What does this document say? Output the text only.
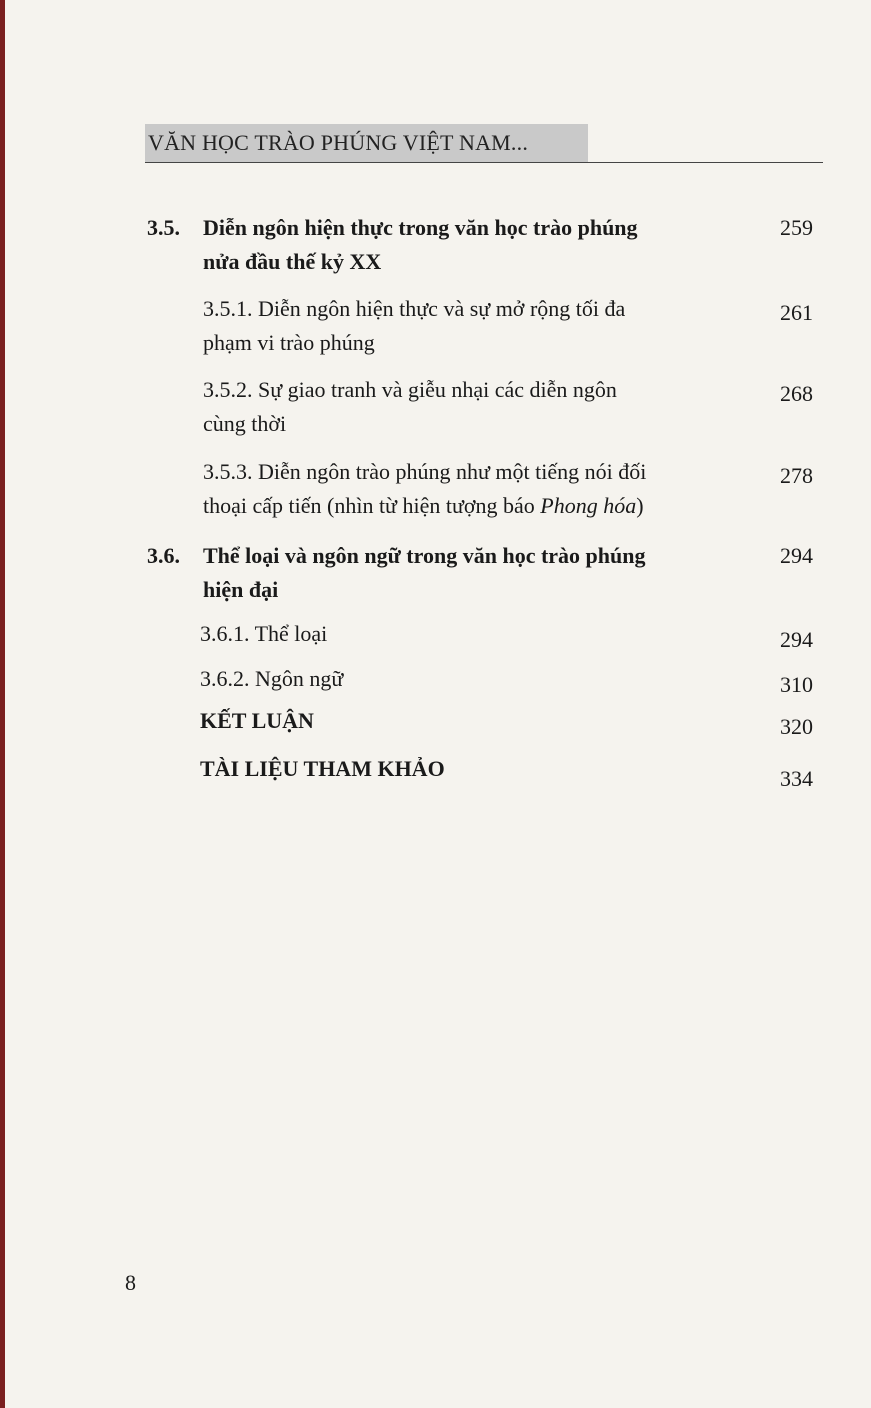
VĂN HỌC TRÀO PHÚNG VIỆT NAM...
3.5.	Diễn ngôn hiện thực trong văn học trào phúng
nửa đầu thế kỷ XX
259
3.5.1. Diễn ngôn hiện thực và sự mở rộng tối đa
phạm vi trào phúng
261
3.5.2. Sự giao tranh và giễu nhại các diễn ngôn
cùng thời
268
3.5.3. Diễn ngôn trào phúng như một tiếng nói đối
thoại cấp tiến (nhìn từ hiện tượng báo Phong hóa)
278
3.6.	Thể loại và ngôn ngữ trong văn học trào phúng
hiện đại
294
3.6.1. Thể loại	294
3.6.2. Ngôn ngữ	310
KẾT LUẬN	320
TÀI LIỆU THAM KHẢO	334
8
